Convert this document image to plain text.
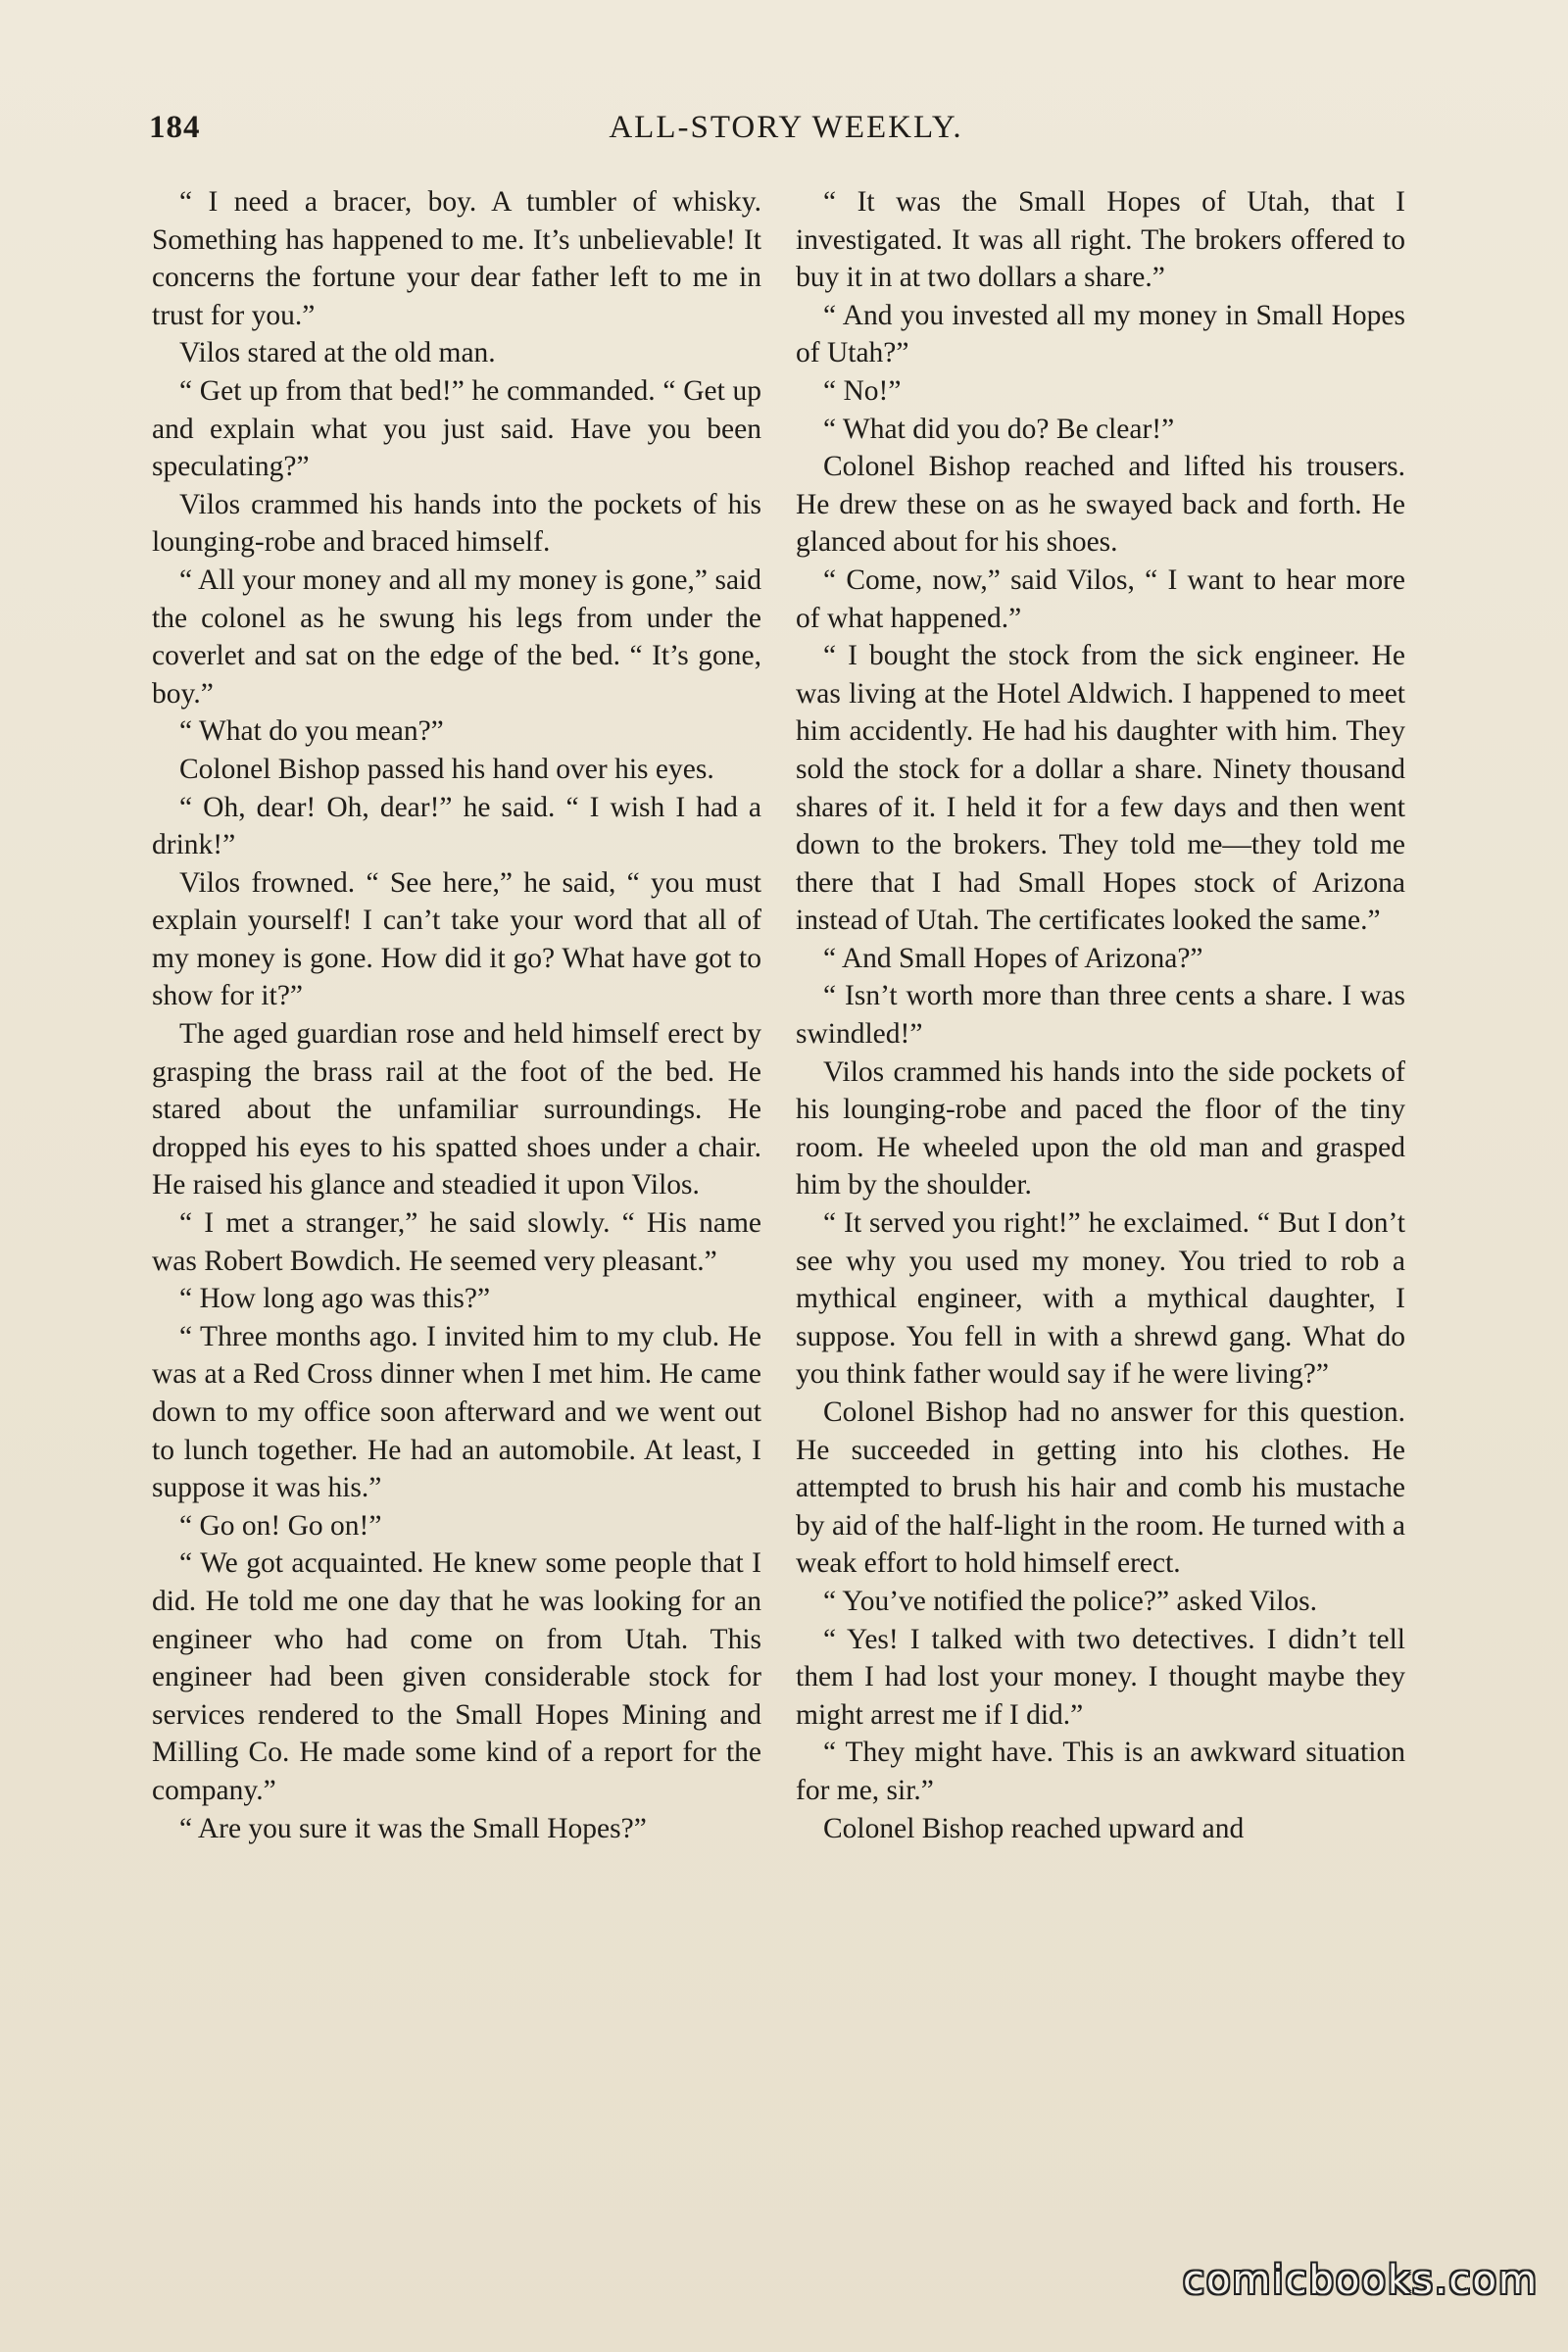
184	ALL-STORY WEEKLY.

“ I need a bracer, boy. A tumbler of whisky. Something has happened to me. It’s unbelievable! It concerns the fortune your dear father left to me in trust for you.”

Vilos stared at the old man.

“ Get up from that bed!” he commanded. “ Get up and explain what you just said. Have you been speculating?”

Vilos crammed his hands into the pockets of his lounging-robe and braced himself.

“ All your money and all my money is gone,” said the colonel as he swung his legs from under the coverlet and sat on the edge of the bed. “ It’s gone, boy.”

“ What do you mean?”

Colonel Bishop passed his hand over his eyes.

“ Oh, dear! Oh, dear!” he said. “ I wish I had a drink!”

Vilos frowned. “ See here,” he said, “ you must explain yourself! I can’t take your word that all of my money is gone. How did it go? What have got to show for it?”

The aged guardian rose and held himself erect by grasping the brass rail at the foot of the bed. He stared about the unfamiliar surroundings. He dropped his eyes to his spatted shoes under a chair. He raised his glance and steadied it upon Vilos.

“ I met a stranger,” he said slowly. “ His name was Robert Bowdich. He seemed very pleasant.”

“ How long ago was this?”

“ Three months ago. I invited him to my club. He was at a Red Cross dinner when I met him. He came down to my office soon afterward and we went out to lunch together. He had an automobile. At least, I suppose it was his.”

“ Go on! Go on!”

“ We got acquainted. He knew some people that I did. He told me one day that he was looking for an engineer who had come on from Utah. This engineer had been given considerable stock for services rendered to the Small Hopes Mining and Milling Co. He made some kind of a report for the company.”

“ Are you sure it was the Small Hopes?”

“ It was the Small Hopes of Utah, that I investigated. It was all right. The brokers offered to buy it in at two dollars a share.”

“ And you invested all my money in Small Hopes of Utah?”

“ No!”

“ What did you do? Be clear!”

Colonel Bishop reached and lifted his trousers. He drew these on as he swayed back and forth. He glanced about for his shoes.

“ Come, now,” said Vilos, “ I want to hear more of what happened.”

“ I bought the stock from the sick engineer. He was living at the Hotel Aldwich. I happened to meet him accidently. He had his daughter with him. They sold the stock for a dollar a share. Ninety thousand shares of it. I held it for a few days and then went down to the brokers. They told me—they told me there that I had Small Hopes stock of Arizona instead of Utah. The certificates looked the same.”

“ And Small Hopes of Arizona?”

“ Isn’t worth more than three cents a share. I was swindled!”

Vilos crammed his hands into the side pockets of his lounging-robe and paced the floor of the tiny room. He wheeled upon the old man and grasped him by the shoulder.

“ It served you right!” he exclaimed. “ But I don’t see why you used my money. You tried to rob a mythical engineer, with a mythical daughter, I suppose. You fell in with a shrewd gang. What do you think father would say if he were living?”

Colonel Bishop had no answer for this question. He succeeded in getting into his clothes. He attempted to brush his hair and comb his mustache by aid of the half-light in the room. He turned with a weak effort to hold himself erect.

“ You’ve notified the police?” asked Vilos.

“ Yes! I talked with two detectives. I didn’t tell them I had lost your money. I thought maybe they might arrest me if I did.”

“ They might have. This is an awkward situation for me, sir.”

Colonel Bishop reached upward and

comicbooks.com
